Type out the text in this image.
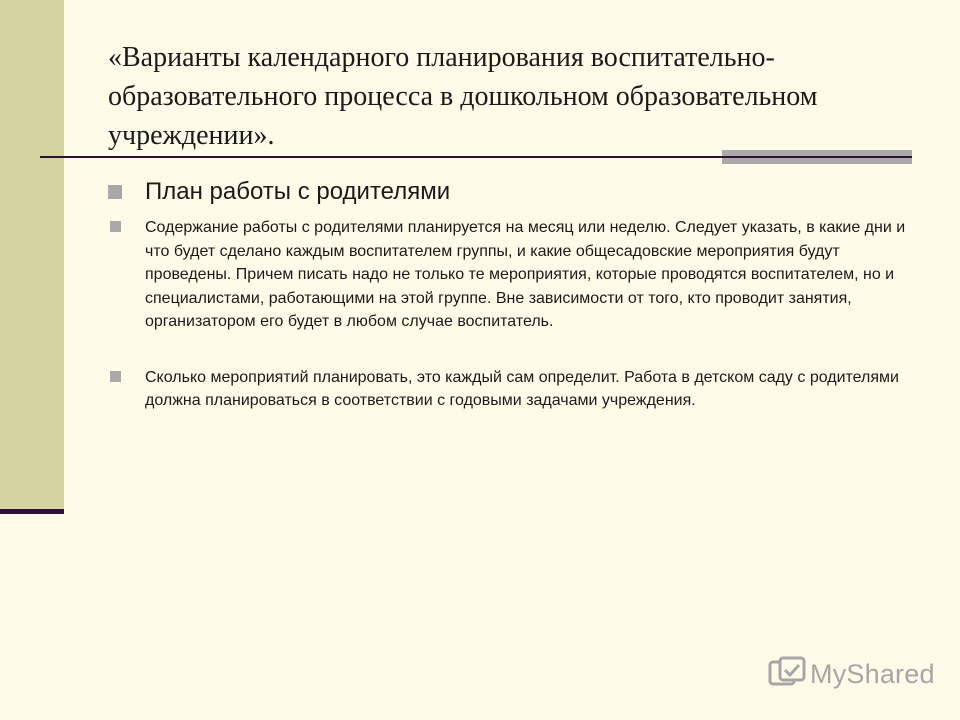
«Варианты календарного планирования воспитательно-образовательного процесса в дошкольном образовательном учреждении».
План работы с родителями
Содержание работы с родителями планируется на месяц или неделю. Следует указать, в какие дни и что будет сделано каждым воспитателем группы, и какие общесадовские мероприятия будут проведены. Причем писать надо не только те мероприятия, которые проводятся воспитателем, но и специалистами, работающими на этой группе. Вне зависимости от того, кто проводит занятия, организатором его будет в любом случае воспитатель.
Сколько мероприятий планировать, это каждый сам определит. Работа в детском саду с родителями должна планироваться в соответствии с годовыми задачами учреждения.
MyShared
